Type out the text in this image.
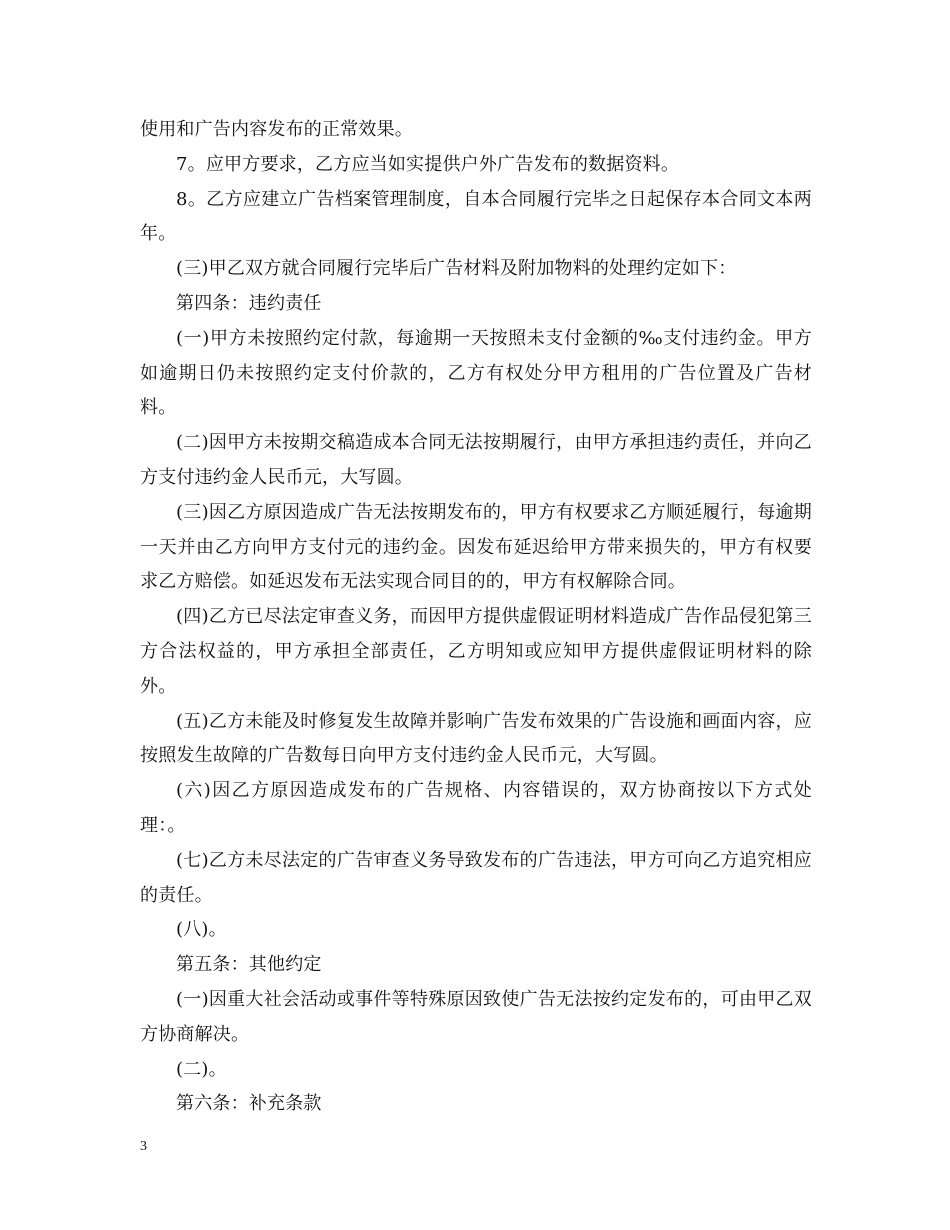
使用和广告内容发布的正常效果。

7。应甲方要求，乙方应当如实提供户外广告发布的数据资料。

8。乙方应建立广告档案管理制度，自本合同履行完毕之日起保存本合同文本两年。

(三)甲乙双方就合同履行完毕后广告材料及附加物料的处理约定如下：

第四条：违约责任

(一)甲方未按照约定付款，每逾期一天按照未支付金额的‰支付违约金。甲方如逾期日仍未按照约定支付价款的，乙方有权处分甲方租用的广告位置及广告材料。

(二)因甲方未按期交稿造成本合同无法按期履行，由甲方承担违约责任，并向乙方支付违约金人民币元，大写圆。

(三)因乙方原因造成广告无法按期发布的，甲方有权要求乙方顺延履行，每逾期一天并由乙方向甲方支付元的违约金。因发布延迟给甲方带来损失的，甲方有权要求乙方赔偿。如延迟发布无法实现合同目的的，甲方有权解除合同。

(四)乙方已尽法定审查义务，而因甲方提供虚假证明材料造成广告作品侵犯第三方合法权益的，甲方承担全部责任，乙方明知或应知甲方提供虚假证明材料的除外。

(五)乙方未能及时修复发生故障并影响广告发布效果的广告设施和画面内容，应按照发生故障的广告数每日向甲方支付违约金人民币元，大写圆。

(六)因乙方原因造成发布的广告规格、内容错误的，双方协商按以下方式处理：。

(七)乙方未尽法定的广告审查义务导致发布的广告违法，甲方可向乙方追究相应的责任。

(八)。

第五条：其他约定

(一)因重大社会活动或事件等特殊原因致使广告无法按约定发布的，可由甲乙双方协商解决。

(二)。

第六条：补充条款

3
